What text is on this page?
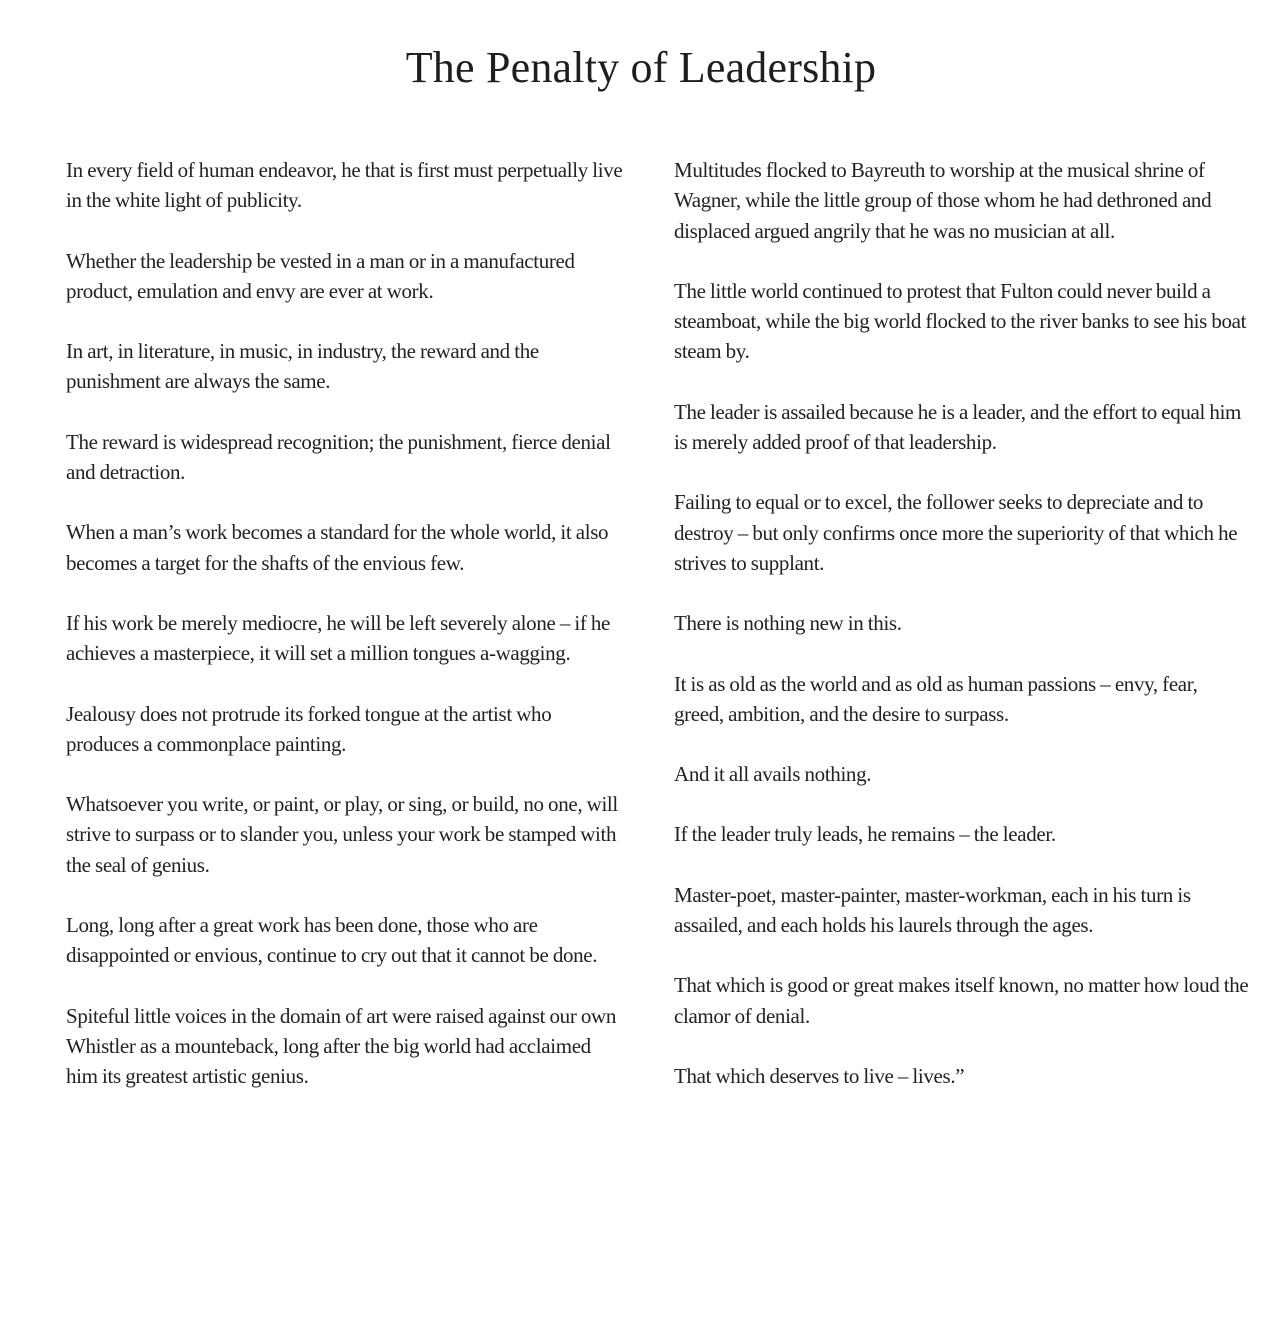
The Penalty of Leadership

In every field of human endeavor, he that is first must perpetually live in the white light of publicity.

Whether the leadership be vested in a man or in a manufactured product, emulation and envy are ever at work.

In art, in literature, in music, in industry, the reward and the punishment are always the same.

The reward is widespread recognition; the punishment, fierce denial and detraction.

When a man’s work becomes a standard for the whole world, it also becomes a target for the shafts of the envious few.

If his work be merely mediocre, he will be left severely alone – if he achieves a masterpiece, it will set a million tongues a-wagging.

Jealousy does not protrude its forked tongue at the artist who produces a commonplace painting.

Whatsoever you write, or paint, or play, or sing, or build, no one, will strive to surpass or to slander you, unless your work be stamped with the seal of genius.

Long, long after a great work has been done, those who are disappointed or envious, continue to cry out that it cannot be done.

Spiteful little voices in the domain of art were raised against our own Whistler as a mounteback, long after the big world had acclaimed him its greatest artistic genius.

Multitudes flocked to Bayreuth to worship at the musical shrine of Wagner, while the little group of those whom he had dethroned and displaced argued angrily that he was no musician at all.

The little world continued to protest that Fulton could never build a steamboat, while the big world flocked to the river banks to see his boat steam by.

The leader is assailed because he is a leader, and the effort to equal him is merely added proof of that leadership.

Failing to equal or to excel, the follower seeks to depreciate and to destroy – but only confirms once more the superiority of that which he strives to supplant.

There is nothing new in this.

It is as old as the world and as old as human passions – envy, fear, greed, ambition, and the desire to surpass.

And it all avails nothing.

If the leader truly leads, he remains – the leader.

Master-poet, master-painter, master-workman, each in his turn is assailed, and each holds his laurels through the ages.

That which is good or great makes itself known, no matter how loud the clamor of denial.

That which deserves to live – lives.”
